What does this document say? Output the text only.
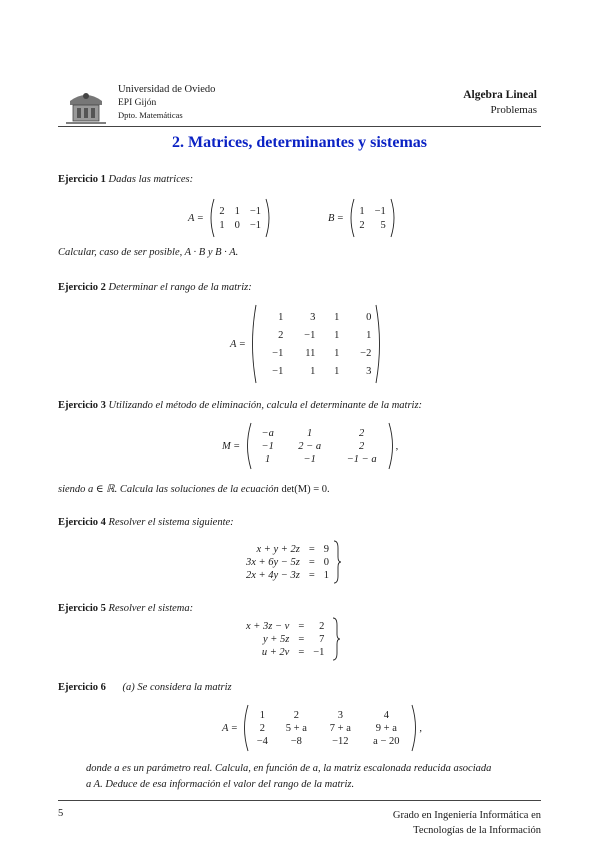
Universidad de Oviedo
EPI Gijón
Dpto. Matemáticas
Algebra Lineal
Problemas
2. Matrices, determinantes y sistemas
Ejercicio 1 Dadas las matrices:
A =
2 1 −1
1 0 −1
B =
1 −1
2	5
Calcular, caso de ser posible, A · B y B · A.
Ejercicio 2 Determinar el rango de la matriz:
A =
1	3	1	0
2	−1	1	1
−1	11	1	−2
−1	1	1	3
Ejercicio 3 Utilizando el método de eliminación, calcula el determinante de la matriz:
M =
−a	1	2
−1	2 − a	2
1	−1	−1 − a
,
siendo a ∈ ℝ. Calcula las soluciones de la ecuación det(M) = 0.
Ejercicio 4 Resolver el sistema siguiente:
x + y + 2z = 9
3x + 6y − 5z = 0
2x + 4y − 3z = 1
Ejercicio 5 Resolver el sistema:
x + 3z − v =	2
y + 5z =	7
u + 2v = −1
Ejercicio 6 (a) Se considera la matriz
A =
1	2	3	4
2	5 + a	7 + a	9 + a
−4	−8	−12	a − 20
,
donde a es un parámetro real. Calcula, en función de a, la matriz escalonada reducida asociada
a A. Deduce de esa información el valor del rango de la matriz.
5	Grado en Ingeniería Informática en
Tecnologías de la Información
